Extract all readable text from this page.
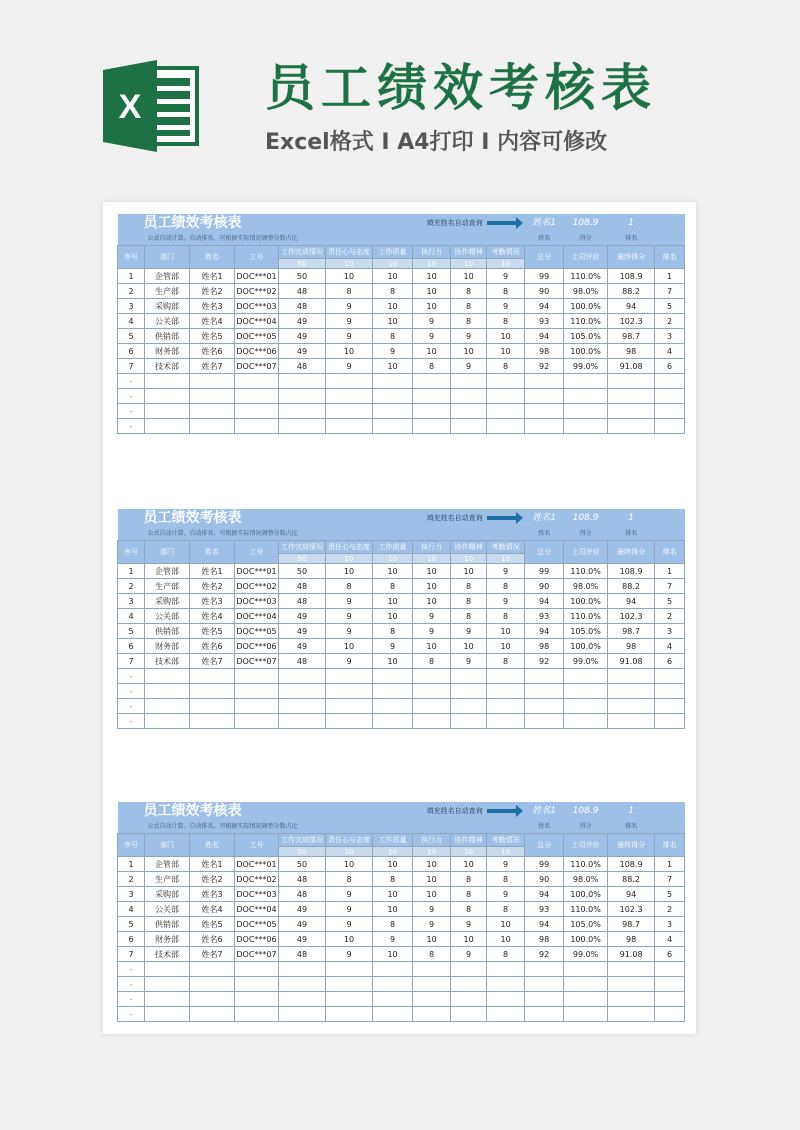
X 员工绩效考核表
Excel格式 I A4打印 I 内容可修改
员工绩效考核表							填充姓名自动查询			姓名1	108.9	1	
公式自动计算、自动排名、可根据实际情况调整分数占比										姓名	得分	排名	
序号	部门	姓名	工号	工作完成情况	责任心与态度	工作质量	执行力	协作精神	考勤情况	总分	上司评价	最终得分	排名
				50	10	10	10	10	10				
1	企管部	姓名1	DOC***01	50	10	10	10	10	9	99	110.0%	108.9	1
2	生产部	姓名2	DOC***02	48	8	8	10	8	8	90	98.0%	88.2	7
3	采购部	姓名3	DOC***03	48	9	10	10	8	9	94	100.0%	94	5
4	公关部	姓名4	DOC***04	49	9	10	9	8	8	93	110.0%	102.3	2
5	供销部	姓名5	DOC***05	49	9	8	9	9	10	94	105.0%	98.7	3
6	财务部	姓名6	DOC***06	49	10	9	10	10	10	98	100.0%	98	4
7	技术部	姓名7	DOC***07	48	9	10	8	9	8	92	99.0%	91.08	6
-													
-													
-													
-													
员工绩效考核表							填充姓名自动查询			姓名1	108.9	1	
公式自动计算、自动排名、可根据实际情况调整分数占比										姓名	得分	排名	
序号	部门	姓名	工号	工作完成情况	责任心与态度	工作质量	执行力	协作精神	考勤情况	总分	上司评价	最终得分	排名
				50	10	10	10	10	10				
1	企管部	姓名1	DOC***01	50	10	10	10	10	9	99	110.0%	108.9	1
2	生产部	姓名2	DOC***02	48	8	8	10	8	8	90	98.0%	88.2	7
3	采购部	姓名3	DOC***03	48	9	10	10	8	9	94	100.0%	94	5
4	公关部	姓名4	DOC***04	49	9	10	9	8	8	93	110.0%	102.3	2
5	供销部	姓名5	DOC***05	49	9	8	9	9	10	94	105.0%	98.7	3
6	财务部	姓名6	DOC***06	49	10	9	10	10	10	98	100.0%	98	4
7	技术部	姓名7	DOC***07	48	9	10	8	9	8	92	99.0%	91.08	6
-													
-													
-													
-													
员工绩效考核表							填充姓名自动查询			姓名1	108.9	1	
公式自动计算、自动排名、可根据实际情况调整分数占比										姓名	得分	排名	
序号	部门	姓名	工号	工作完成情况	责任心与态度	工作质量	执行力	协作精神	考勤情况	总分	上司评价	最终得分	排名
				50	10	10	10	10	10				
1	企管部	姓名1	DOC***01	50	10	10	10	10	9	99	110.0%	108.9	1
2	生产部	姓名2	DOC***02	48	8	8	10	8	8	90	98.0%	88.2	7
3	采购部	姓名3	DOC***03	48	9	10	10	8	9	94	100.0%	94	5
4	公关部	姓名4	DOC***04	49	9	10	9	8	8	93	110.0%	102.3	2
5	供销部	姓名5	DOC***05	49	9	8	9	9	10	94	105.0%	98.7	3
6	财务部	姓名6	DOC***06	49	10	9	10	10	10	98	100.0%	98	4
7	技术部	姓名7	DOC***07	48	9	10	8	9	8	92	99.0%	91.08	6
-													
-													
-													
-													
